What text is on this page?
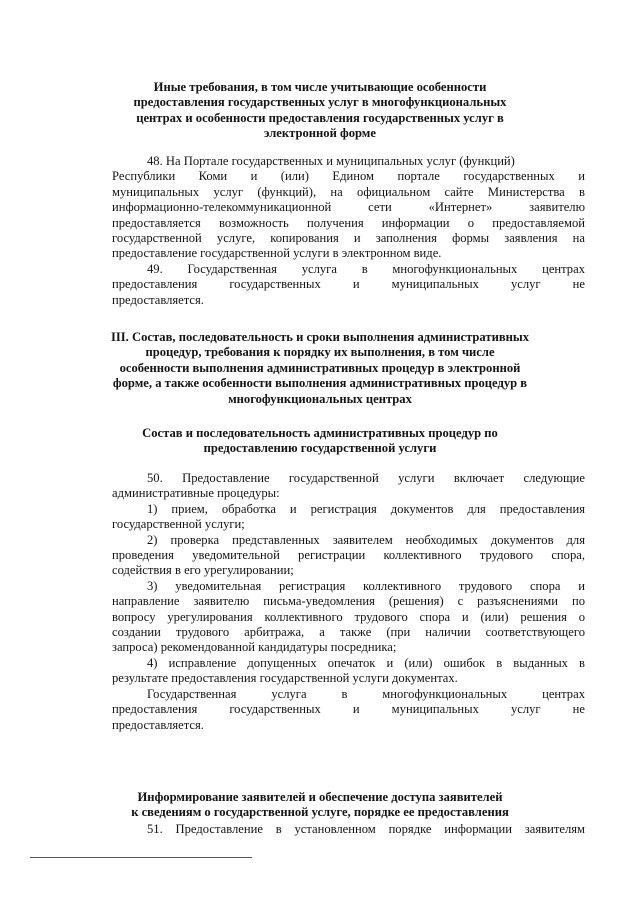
Иные требования, в том числе учитывающие особенности
предоставления государственных услуг в многофункциональных
центрах и особенности предоставления государственных услуг в
электронной форме
48. На Портале государственных и муниципальных услуг (функций)
Республики Коми и (или) Едином портале государственных и
муниципальных услуг (функций), на официальном сайте Министерства в
информационно-телекоммуникационной сети «Интернет» заявителю
предоставляется возможность получения информации о предоставляемой
государственной услуге, копирования и заполнения формы заявления на
предоставление государственной услуги в электронном виде.
49. Государственная услуга в многофункциональных центрах
предоставления государственных и муниципальных услуг не
предоставляется.
III. Состав, последовательность и сроки выполнения административных
процедур, требования к порядку их выполнения, в том числе
особенности выполнения административных процедур в электронной
форме, а также особенности выполнения административных процедур в
многофункциональных центрах
Состав и последовательность административных процедур по
предоставлению государственной услуги
50. Предоставление государственной услуги включает следующие
административные процедуры:
1) прием, обработка и регистрация документов для предоставления
государственной услуги;
2) проверка представленных заявителем необходимых документов для
проведения уведомительной регистрации коллективного трудового спора,
содействия в его урегулировании;
3) уведомительная регистрация коллективного трудового спора и
направление заявителю письма-уведомления (решения) с разъяснениями по
вопросу урегулирования коллективного трудового спора и (или) решения о
создании трудового арбитража, а также (при наличии соответствующего
запроса) рекомендованной кандидатуры посредника;
4) исправление допущенных опечаток и (или) ошибок в выданных в
результате предоставления государственной услуги документах.
Государственная услуга в многофункциональных центрах
предоставления государственных и муниципальных услуг не
предоставляется.
Информирование заявителей и обеспечение доступа заявителей
к сведениям о государственной услуге, порядке ее предоставления
51. Предоставление в установленном порядке информации заявителям
